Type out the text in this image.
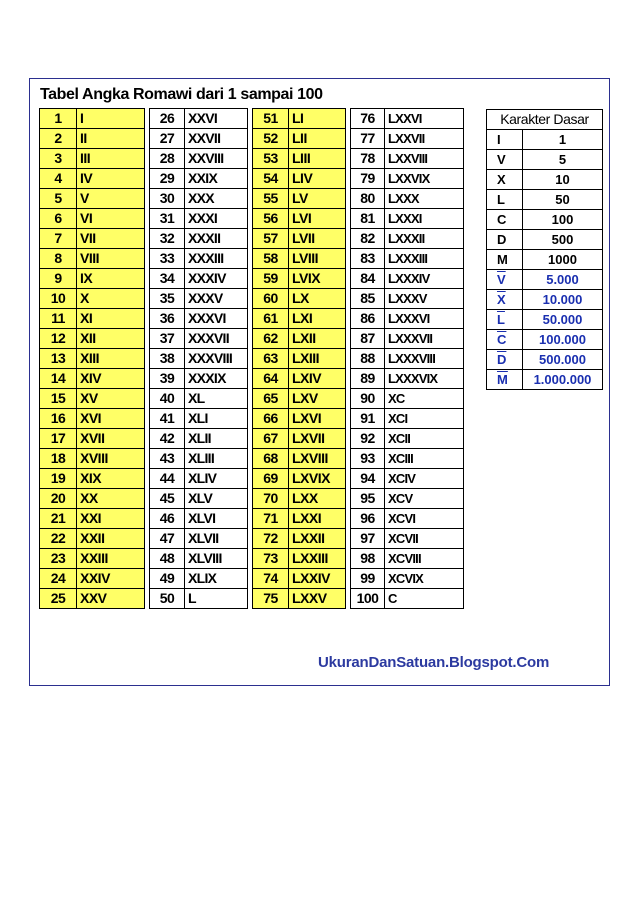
Tabel Angka Romawi dari 1 sampai 100
1	I
2	II
3	III
4	IV
5	V
6	VI
7	VII
8	VIII
9	IX
10	X
11	XI
12	XII
13	XIII
14	XIV
15	XV
16	XVI
17	XVII
18	XVIII
19	XIX
20	XX
21	XXI
22	XXII
23	XXIII
24	XXIV
25	XXV
26	XXVI
27	XXVII
28	XXVIII
29	XXIX
30	XXX
31	XXXI
32	XXXII
33	XXXIII
34	XXXIV
35	XXXV
36	XXXVI
37	XXXVII
38	XXXVIII
39	XXXIX
40	XL
41	XLI
42	XLII
43	XLIII
44	XLIV
45	XLV
46	XLVI
47	XLVII
48	XLVIII
49	XLIX
50	L
51	LI
52	LII
53	LIII
54	LIV
55	LV
56	LVI
57	LVII
58	LVIII
59	LVIX
60	LX
61	LXI
62	LXII
63	LXIII
64	LXIV
65	LXV
66	LXVI
67	LXVII
68	LXVIII
69	LXVIX
70	LXX
71	LXXI
72	LXXII
73	LXXIII
74	LXXIV
75	LXXV
76	LXXVI
77	LXXVII
78	LXXVIII
79	LXXVIX
80	LXXX
81	LXXXI
82	LXXXII
83	LXXXIII
84	LXXXIV
85	LXXXV
86	LXXXVI
87	LXXXVII
88	LXXXVIII
89	LXXXVIX
90	XC
91	XCI
92	XCII
93	XCIII
94	XCIV
95	XCV
96	XCVI
97	XCVII
98	XCVIII
99	XCVIX
100	C
Karakter Dasar	
I	1
V	5
X	10
L	50
C	100
D	500
M	1000
$\overline{V}$	5.000
$\overline{X}$	10.000
$\overline{L}$	50.000
$\overline{C}$	100.000
$\overline{D}$	500.000
$\overline{M}$	1.000.000
UkuranDanSatuan.Blogspot.Com
